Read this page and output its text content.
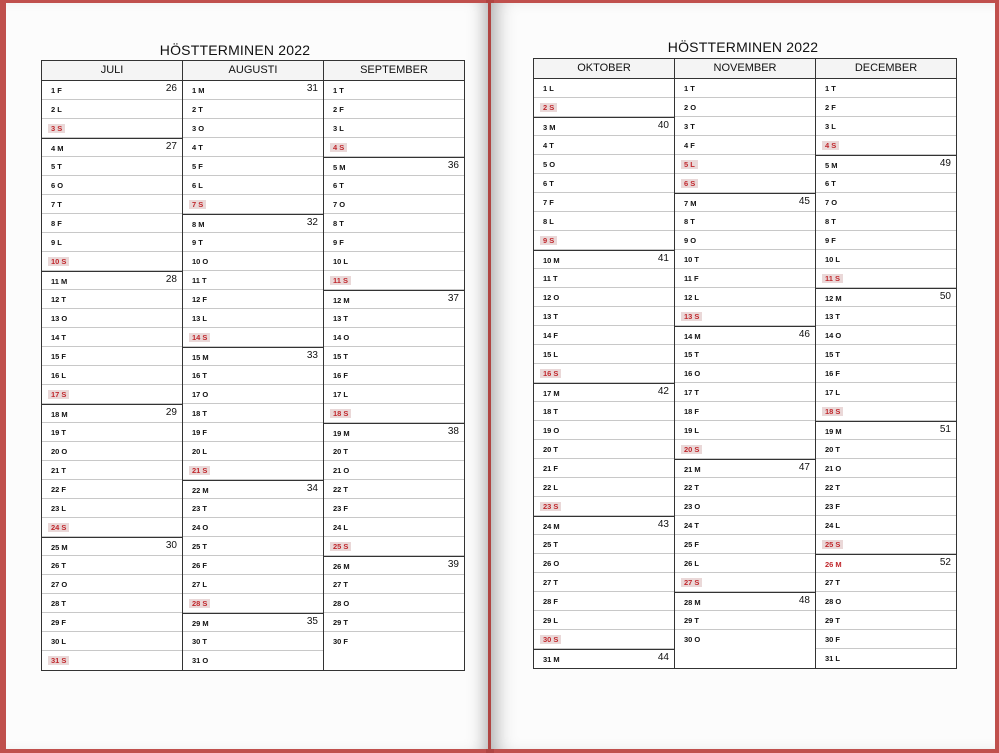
HÖSTTERMINEN 2022
JULI
1 F	26
2 L
3 S
4 M	27
5 T
6 O
7 T
8 F
9 L
10 S
11 M	28
12 T
13 O
14 T
15 F
16 L
17 S
18 M	29
19 T
20 O
21 T
22 F
23 L
24 S
25 M	30
26 T
27 O
28 T
29 F
30 L
31 S
AUGUSTI
1 M	31
2 T
3 O
4 T
5 F
6 L
7 S
8 M	32
9 T
10 O
11 T
12 F
13 L
14 S
15 M	33
16 T
17 O
18 T
19 F
20 L
21 S
22 M	34
23 T
24 O
25 T
26 F
27 L
28 S
29 M	35
30 T
31 O
SEPTEMBER
1 T
2 F
3 L
4 S
5 M	36
6 T
7 O
8 T
9 F
10 L
11 S
12 M	37
13 T
14 O
15 T
16 F
17 L
18 S
19 M	38
20 T
21 O
22 T
23 F
24 L
25 S
26 M	39
27 T
28 O
29 T
30 F
HÖSTTERMINEN 2022
OKTOBER
1 L
2 S
3 M	40
4 T
5 O
6 T
7 F
8 L
9 S
10 M	41
11 T
12 O
13 T
14 F
15 L
16 S
17 M	42
18 T
19 O
20 T
21 F
22 L
23 S
24 M	43
25 T
26 O
27 T
28 F
29 L
30 S
31 M	44
NOVEMBER
1 T
2 O
3 T
4 F
5 L
6 S
7 M	45
8 T
9 O
10 T
11 F
12 L
13 S
14 M	46
15 T
16 O
17 T
18 F
19 L
20 S
21 M	47
22 T
23 O
24 T
25 F
26 L
27 S
28 M	48
29 T
30 O
DECEMBER
1 T
2 F
3 L
4 S
5 M	49
6 T
7 O
8 T
9 F
10 L
11 S
12 M	50
13 T
14 O
15 T
16 F
17 L
18 S
19 M	51
20 T
21 O
22 T
23 F
24 L
25 S
26 M	52
27 T
28 O
29 T
30 F
31 L
